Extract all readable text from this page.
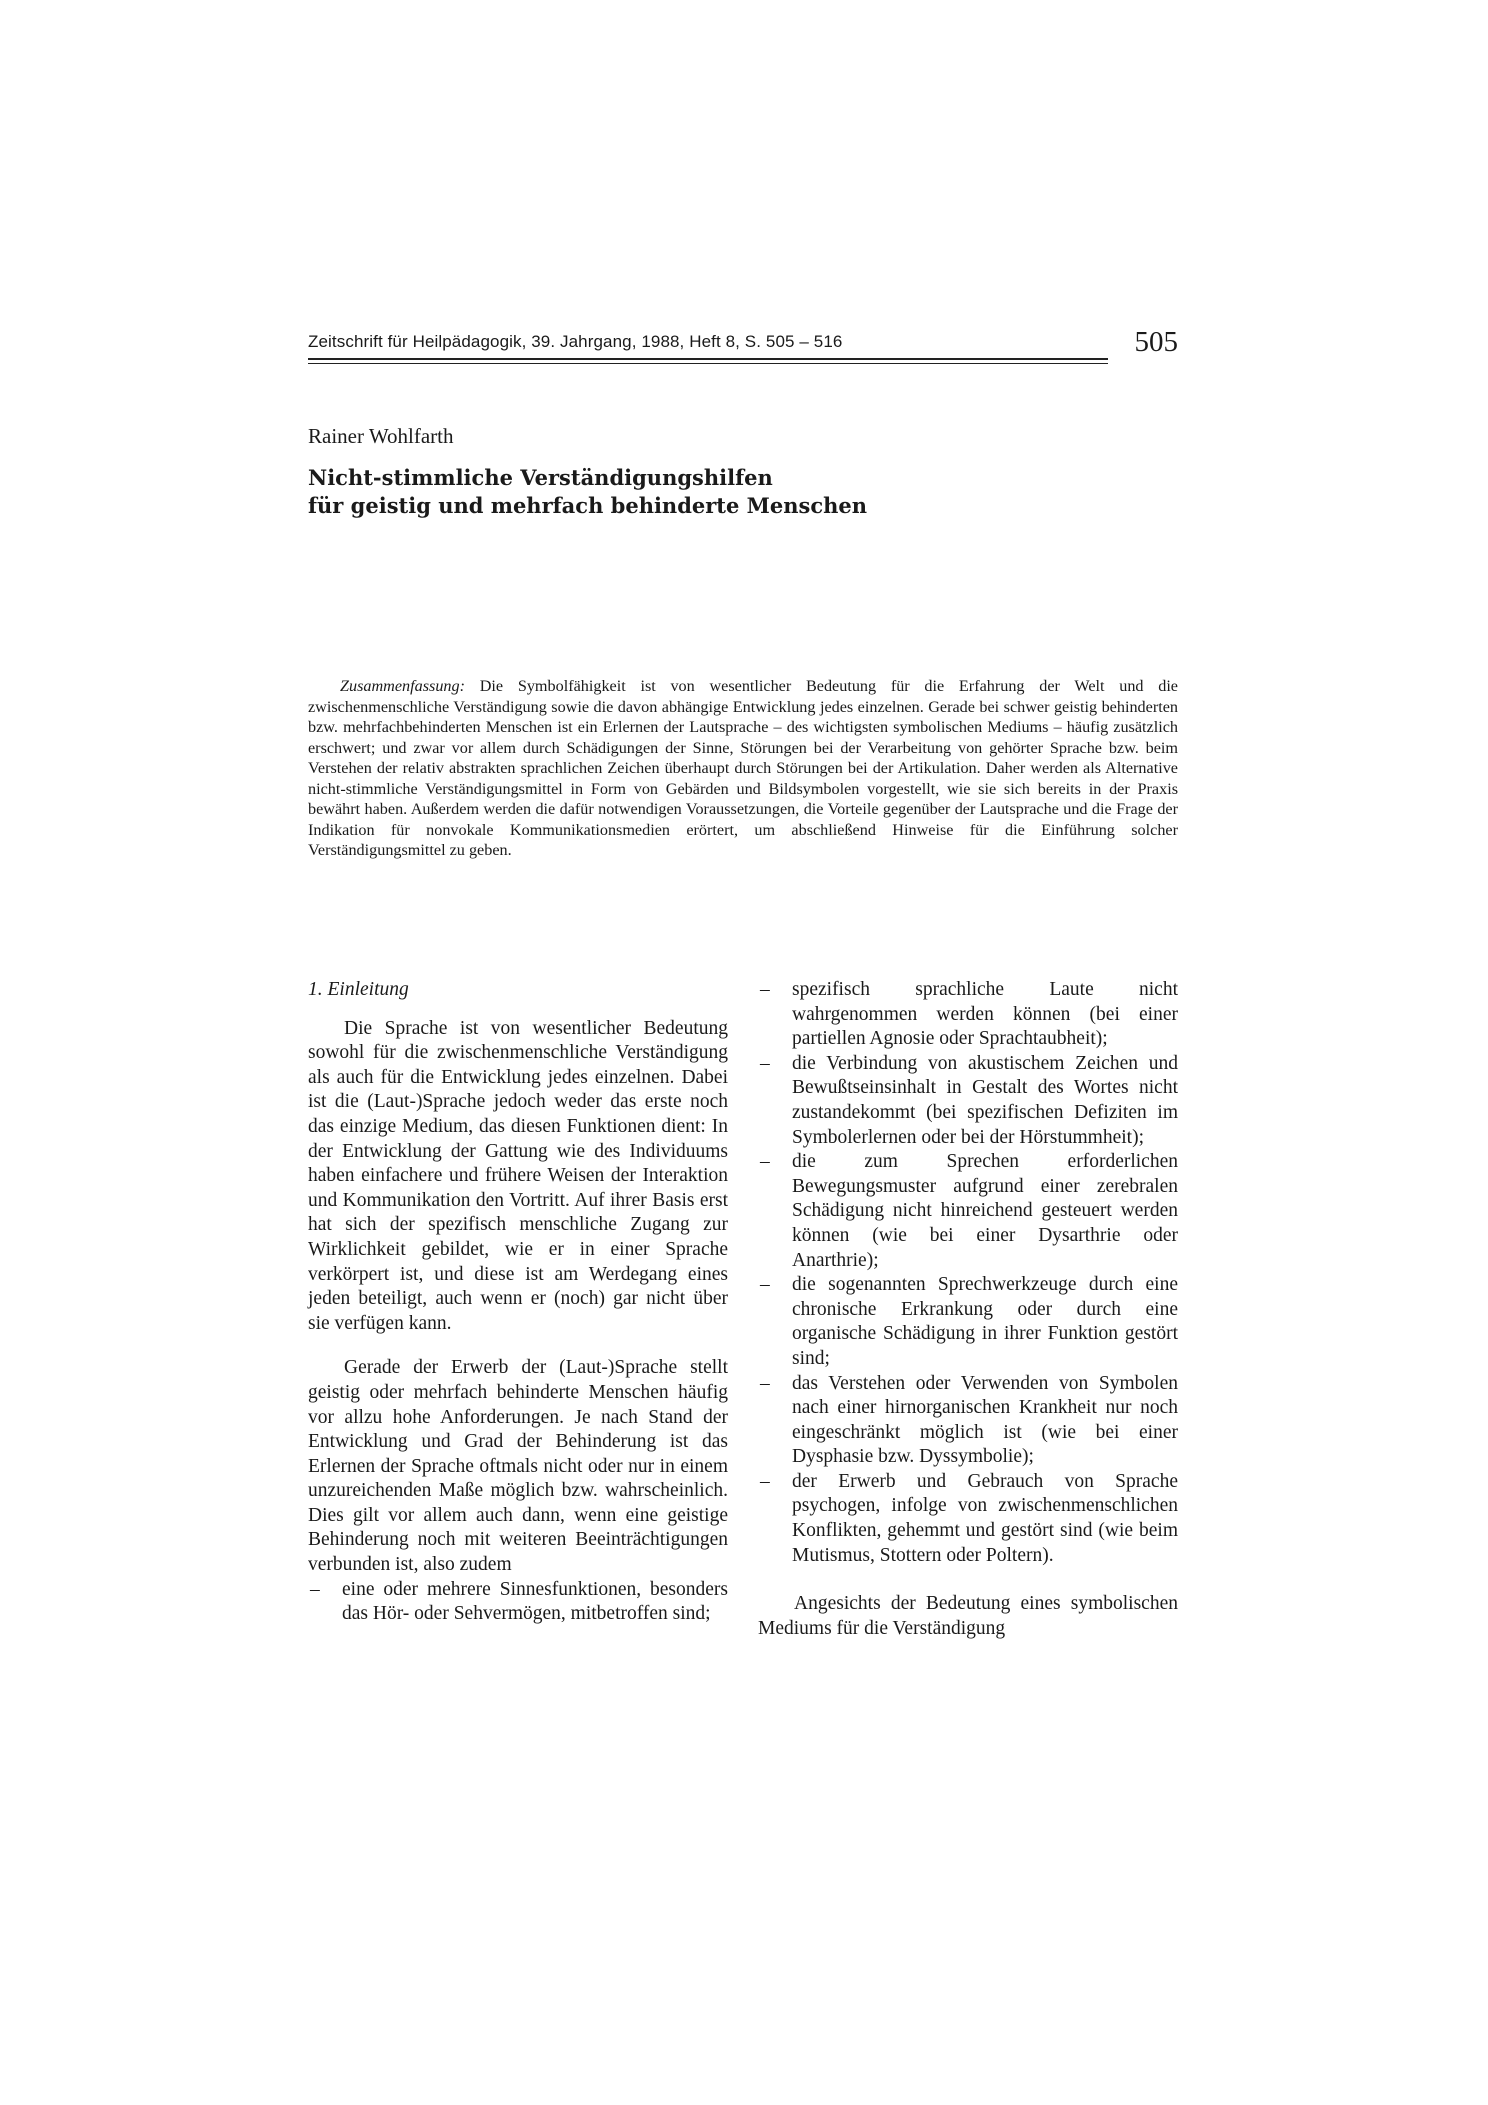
Zeitschrift für Heilpädagogik, 39. Jahrgang, 1988, Heft 8, S. 505 – 516	505
Rainer Wohlfarth
Nicht-stimmliche Verständigungshilfen
für geistig und mehrfach behinderte Menschen

Zusammenfassung: Die Symbolfähigkeit ist von wesentlicher Bedeutung für die Erfahrung der Welt und die zwischenmenschliche Verständigung sowie die davon abhängige Entwicklung jedes einzelnen. Gerade bei schwer geistig behinderten bzw. mehrfachbehinderten Menschen ist ein Erlernen der Lautsprache – des wichtigsten symbolischen Mediums – häufig zusätzlich erschwert; und zwar vor allem durch Schädigungen der Sinne, Störungen bei der Verarbeitung von gehörter Sprache bzw. beim Verstehen der relativ abstrakten sprachlichen Zeichen überhaupt durch Störungen bei der Artikulation. Daher werden als Alternative nicht-stimmliche Verständigungsmittel in Form von Gebärden und Bildsymbolen vorgestellt, wie sie sich bereits in der Praxis bewährt haben. Außerdem werden die dafür notwendigen Voraussetzungen, die Vorteile gegenüber der Lautsprache und die Frage der Indikation für nonvokale Kommunikationsmedien erörtert, um abschließend Hinweise für die Einführung solcher Verständigungsmittel zu geben.

1. Einleitung

Die Sprache ist von wesentlicher Bedeutung sowohl für die zwischenmenschliche Verständigung als auch für die Entwicklung jedes einzelnen. Dabei ist die (Laut-)Sprache jedoch weder das erste noch das einzige Medium, das diesen Funktionen dient: In der Entwicklung der Gattung wie des Individuums haben einfachere und frühere Weisen der Interaktion und Kommunikation den Vortritt. Auf ihrer Basis erst hat sich der spezifisch menschliche Zugang zur Wirklichkeit gebildet, wie er in einer Sprache verkörpert ist, und diese ist am Werdegang eines jeden beteiligt, auch wenn er (noch) gar nicht über sie verfügen kann.

Gerade der Erwerb der (Laut-)Sprache stellt geistig oder mehrfach behinderte Menschen häufig vor allzu hohe Anforderungen. Je nach Stand der Entwicklung und Grad der Behinderung ist das Erlernen der Sprache oftmals nicht oder nur in einem unzureichenden Maße möglich bzw. wahrscheinlich. Dies gilt vor allem auch dann, wenn eine geistige Behinderung noch mit weiteren Beeinträchtigungen verbunden ist, also zudem

– eine oder mehrere Sinnesfunktionen, besonders das Hör- oder Sehvermögen, mitbetroffen sind;
– spezifisch sprachliche Laute nicht wahrgenommen werden können (bei einer partiellen Agnosie oder Sprachtaubheit);
– die Verbindung von akustischem Zeichen und Bewußtseinsinhalt in Gestalt des Wortes nicht zustandekommt (bei spezifischen Defiziten im Symbolerlernen oder bei der Hörstummheit);
– die zum Sprechen erforderlichen Bewegungsmuster aufgrund einer zerebralen Schädigung nicht hinreichend gesteuert werden können (wie bei einer Dysarthrie oder Anarthrie);
– die sogenannten Sprechwerkzeuge durch eine chronische Erkrankung oder durch eine organische Schädigung in ihrer Funktion gestört sind;
– das Verstehen oder Verwenden von Symbolen nach einer hirnorganischen Krankheit nur noch eingeschränkt möglich ist (wie bei einer Dysphasie bzw. Dyssymbolie);
– der Erwerb und Gebrauch von Sprache psychogen, infolge von zwischenmenschlichen Konflikten, gehemmt und gestört sind (wie beim Mutismus, Stottern oder Poltern).

Angesichts der Bedeutung eines symbolischen Mediums für die Verständigung
